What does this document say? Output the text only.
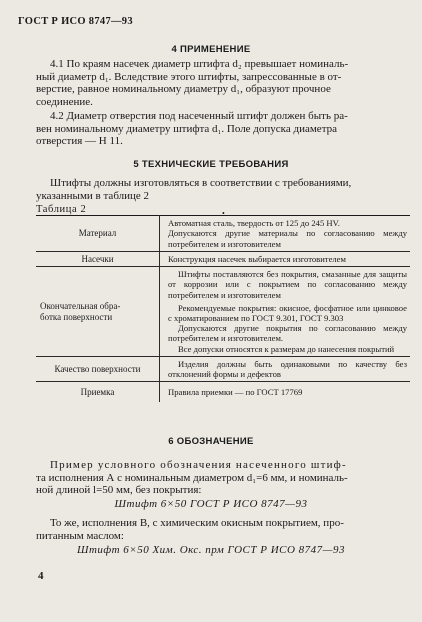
ГОСТ Р ИСО 8747—93
4 ПРИМЕНЕНИЕ
4.1 По краям насечек диаметр штифта d₂ превышает номиналь-
ный диаметр d₁. Вследствие этого штифты, запрессованные в от-
верстие, равное номинальному диаметру d₁, образуют прочное
соединение.
4.2 Диаметр отверстия под насеченный штифт должен быть ра-
вен номинальному диаметру штифта d₁. Поле допуска диаметра
отверстия — Н 11.
5 ТЕХНИЧЕСКИЕ ТРЕБОВАНИЯ
Штифты должны изготовляться в соответствии с требованиями,
указанными в таблице 2
Таблица 2	•
Материал	Автоматная сталь, твердость от 125 до 245 HV.
Допускаются другие материалы по согласованию между потребителем и изготовителем

Насечки	Конструкция насечек выбирается изготовителем

Окончательная обра-
ботка поверхности	Штифты поставляются без покрытия, смазанные для защиты от коррозии или с покрытием по согласованию между потребителем и изготовителем
Рекомендуемые покрытия: окисное, фосфатное или цинковое с хроматированием по ГОСТ 9.301, ГОСТ 9.303
Допускаются другие покрытия по согласованию между потребителем и изготовителем.
Все допуски относятся к размерам до нанесения покрытий

Качество поверхности	Изделия должны быть одинаковыми по качеству без отклонений формы и дефектов

Приемка	Правила приемки — по ГОСТ 17769
6 ОБОЗНАЧЕНИЕ
Пример условного обозначения насеченного штиф-
та исполнения А с номинальным диаметром d₁=6 мм, и номиналь-
ной длиной l=50 мм, без покрытия:
Штифт 6×50 ГОСТ Р ИСО 8747—93
То же, исполнения В, с химическим окисным покрытием, про-
питанным маслом:
Штифт 6×50 Хим. Окс. прм ГОСТ Р ИСО 8747—93
4
